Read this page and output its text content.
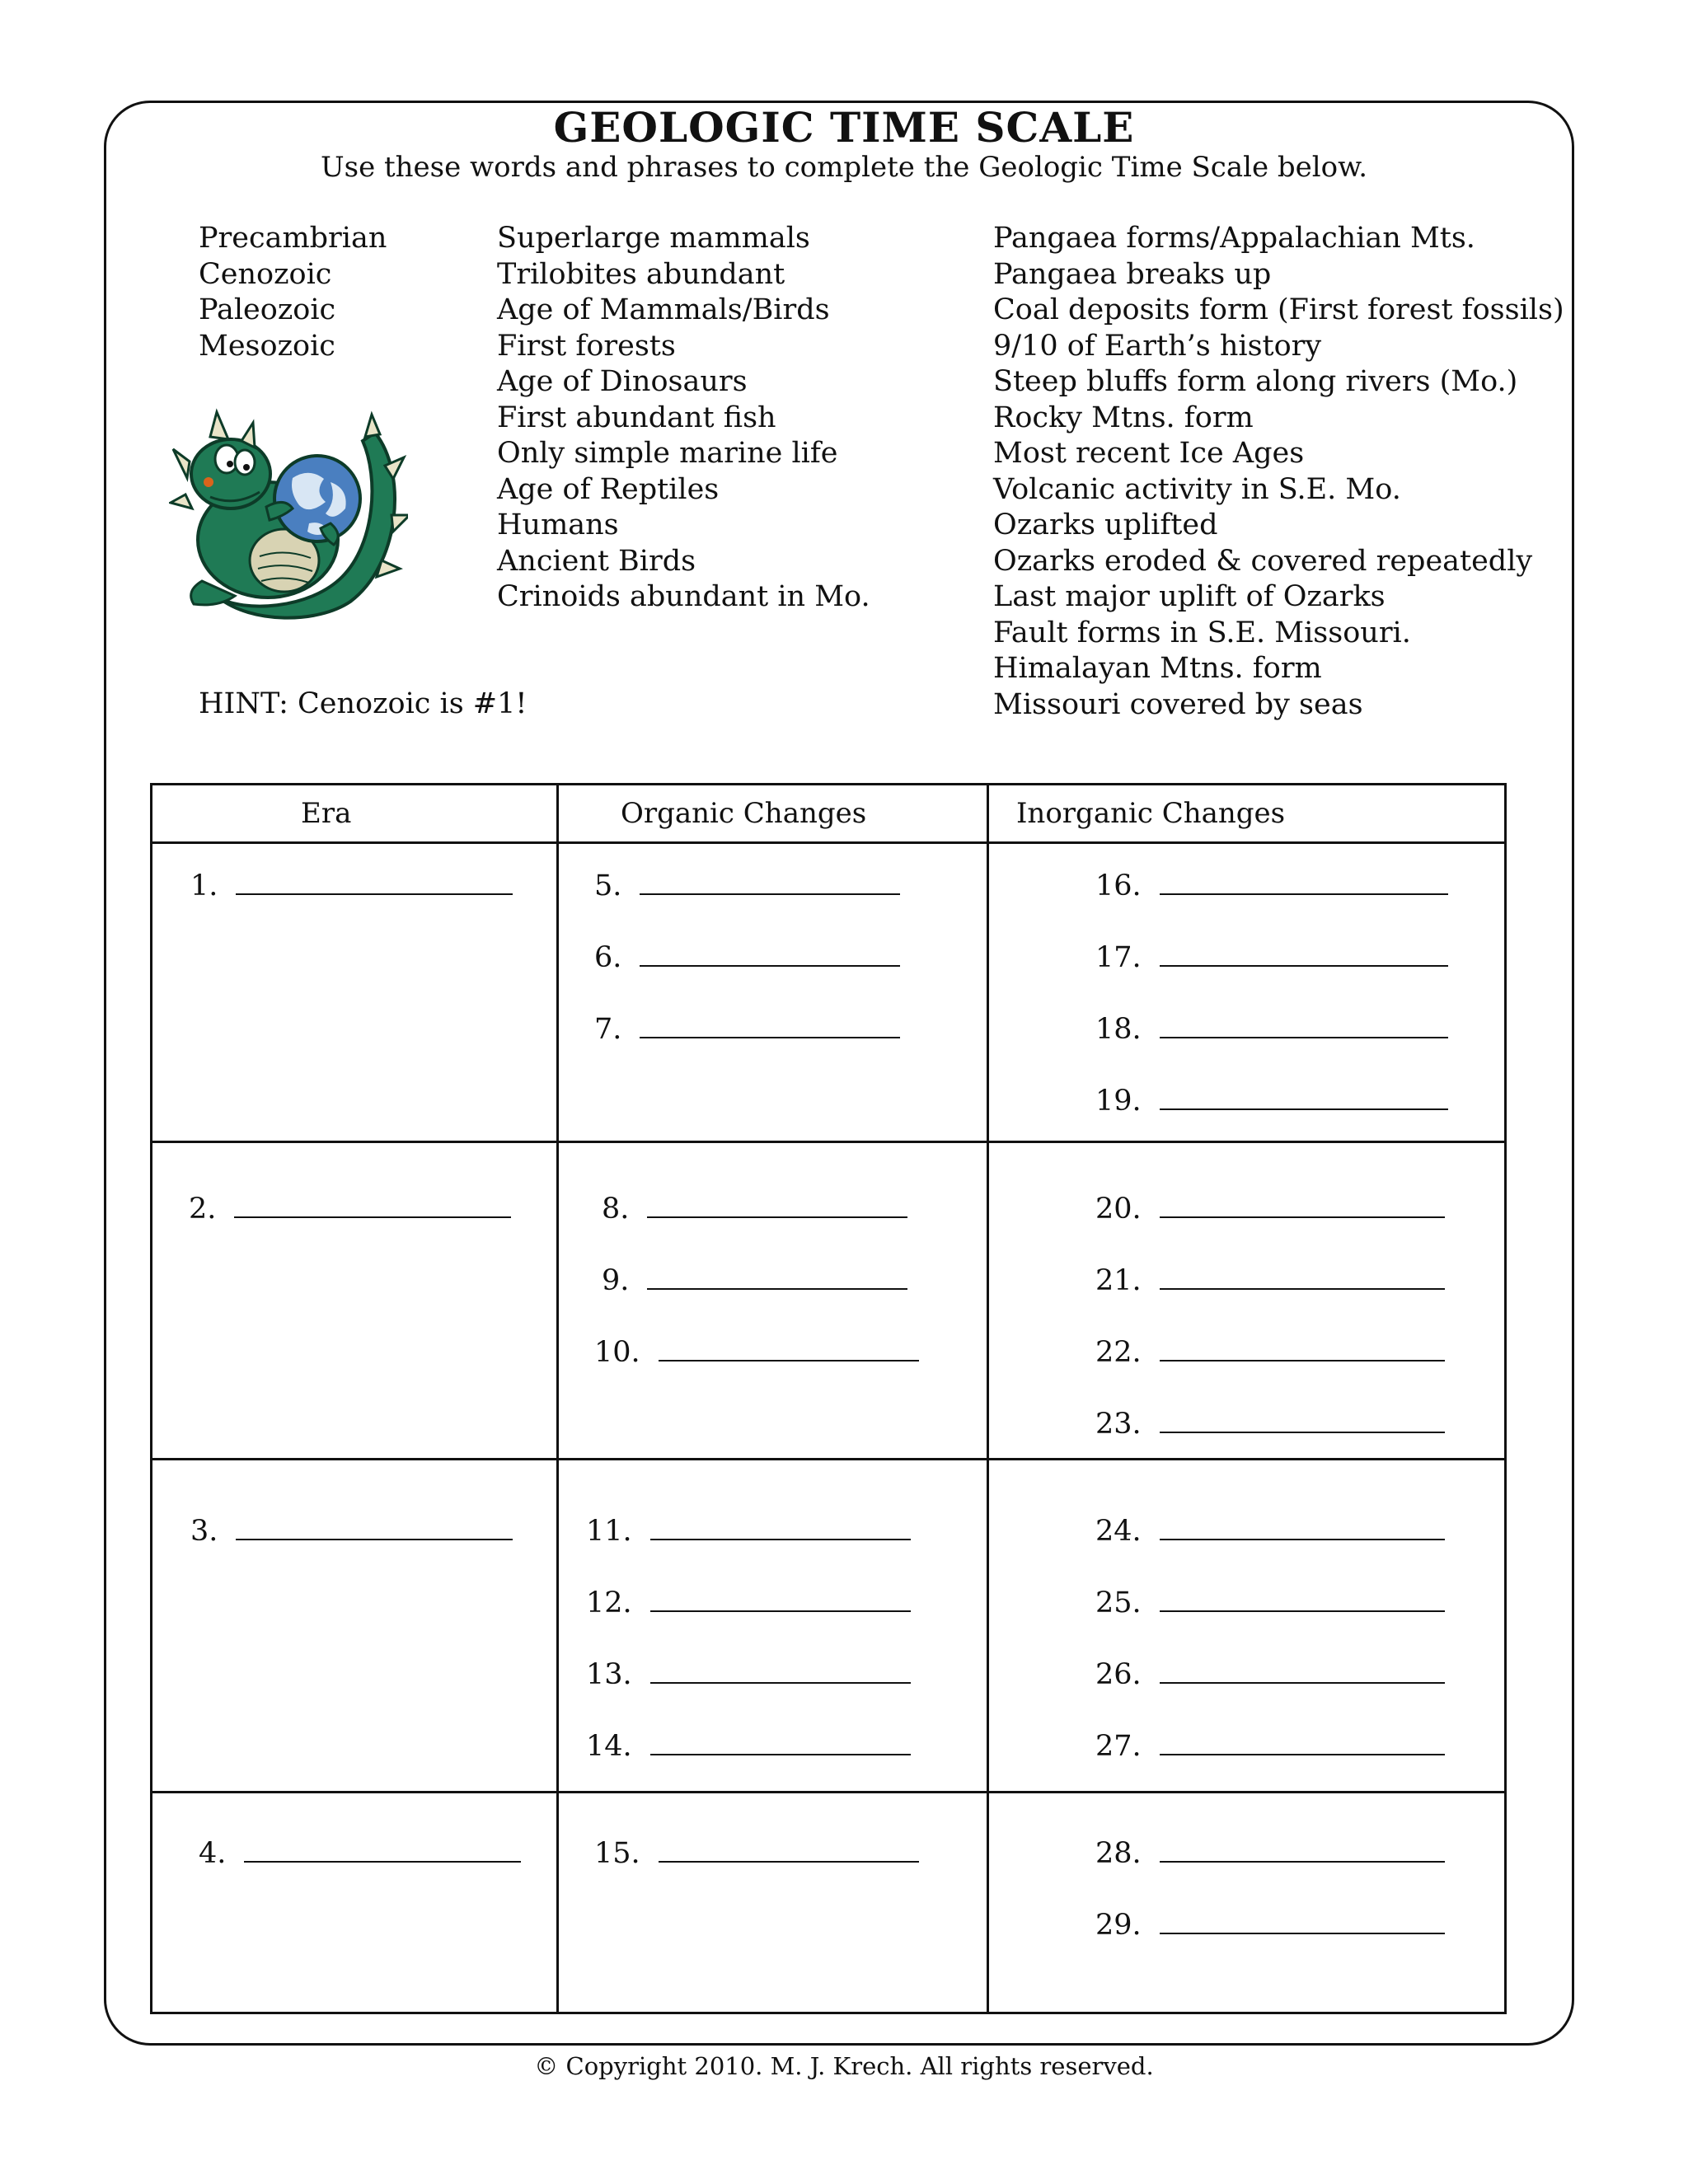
GEOLOGIC TIME SCALE
Use these words and phrases to complete the Geologic Time Scale below.
Precambrian
Cenozoic
Paleozoic
Mesozoic
Superlarge mammals
Trilobites abundant
Age of Mammals/Birds
First forests
Age of Dinosaurs
First abundant fish
Only simple marine life
Age of Reptiles
Humans
Ancient Birds
Crinoids abundant in Mo.
Pangaea forms/Appalachian Mts.
Pangaea breaks up
Coal deposits form (First forest fossils)
9/10 of Earth’s history
Steep bluffs form along rivers (Mo.)
Rocky Mtns. form
Most recent Ice Ages
Volcanic activity in S.E. Mo.
Ozarks uplifted
Ozarks eroded & covered repeatedly
Last major uplift of Ozarks
Fault forms in S.E. Missouri.
Himalayan Mtns. form
Missouri covered by seas
HINT: Cenozoic is #1!
Era	Organic Changes	Inorganic Changes
1.
2.
3.
4.
5.
6.
7.
8.
9.
10.
11.
12.
13.
14.
15.
16.
17.
18.
19.
20.
21.
22.
23.
24.
25.
26.
27.
28.
29.
© Copyright 2010. M. J. Krech. All rights reserved.
